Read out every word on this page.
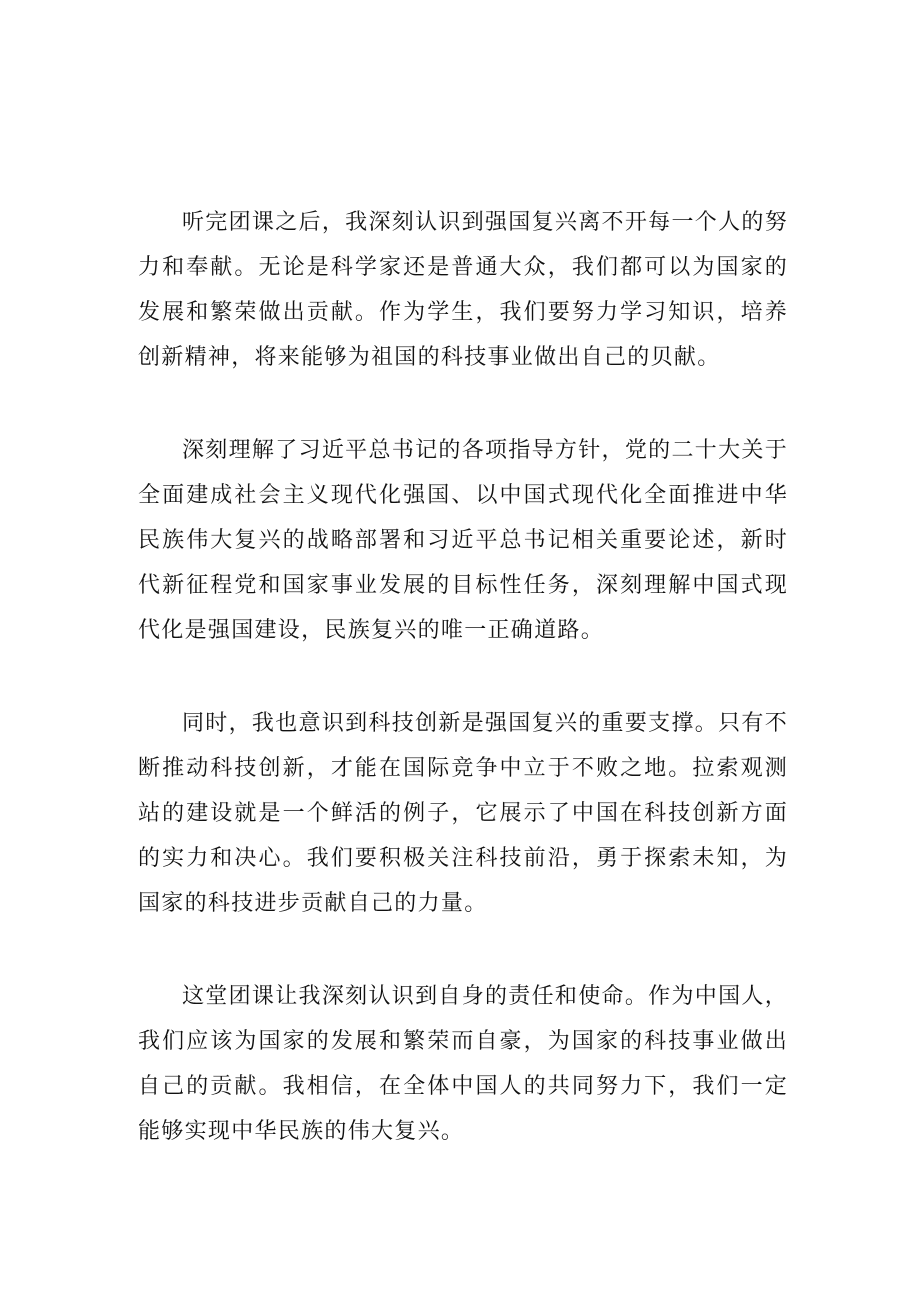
听完团课之后，我深刻认识到强国复兴离不开每一个人的努力和奉献。无论是科学家还是普通大众，我们都可以为国家的发展和繁荣做出贡献。作为学生，我们要努力学习知识，培养创新精神，将来能够为祖国的科技事业做出自己的贝献。

深刻理解了习近平总书记的各项指导方针，党的二十大关于全面建成社会主义现代化强国、以中国式现代化全面推进中华民族伟大复兴的战略部署和习近平总书记相关重要论述，新时代新征程党和国家事业发展的目标性任务，深刻理解中国式现代化是强国建设，民族复兴的唯一正确道路。

同时，我也意识到科技创新是强国复兴的重要支撑。只有不断推动科技创新，才能在国际竞争中立于不败之地。拉索观测站的建设就是一个鲜活的例子，它展示了中国在科技创新方面的实力和决心。我们要积极关注科技前沿，勇于探索未知，为国家的科技进步贡献自己的力量。

这堂团课让我深刻认识到自身的责任和使命。作为中国人，我们应该为国家的发展和繁荣而自豪，为国家的科技事业做出自己的贡献。我相信，在全体中国人的共同努力下，我们一定能够实现中华民族的伟大复兴。
